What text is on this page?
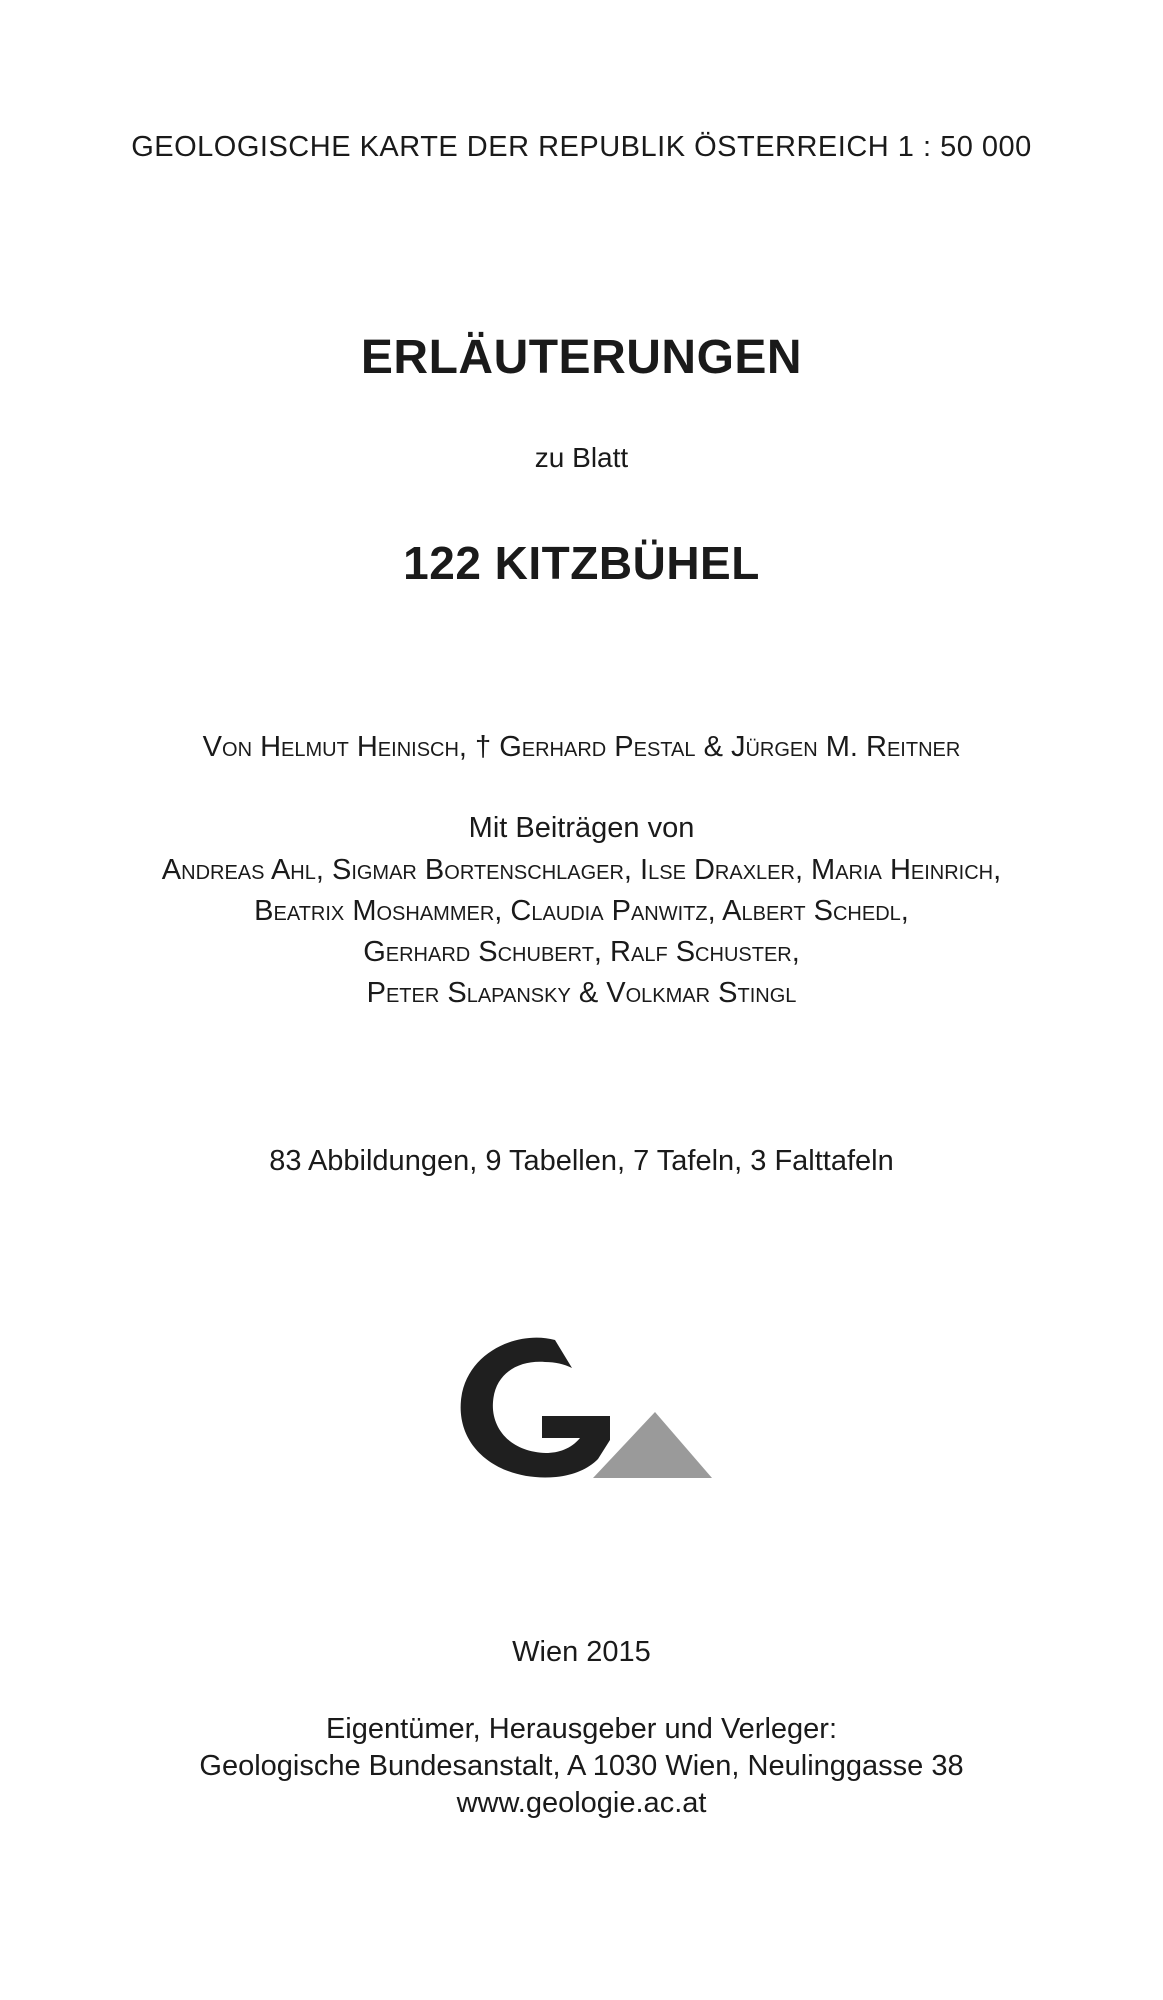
GEOLOGISCHE KARTE DER REPUBLIK ÖSTERREICH 1 : 50 000
ERLÄUTERUNGEN
zu Blatt
122 KITZBÜHEL
Von Helmut Heinisch, † Gerhard Pestal & Jürgen M. Reitner
Mit Beiträgen von
Andreas Ahl, Sigmar Bortenschlager, Ilse Draxler, Maria Heinrich,
Beatrix Moshammer, Claudia Panwitz, Albert Schedl,
Gerhard Schubert, Ralf Schuster,
Peter Slapansky & Volkmar Stingl
83 Abbildungen, 9 Tabellen, 7 Tafeln, 3 Falttafeln
Wien 2015
Eigentümer, Herausgeber und Verleger:
Geologische Bundesanstalt, A 1030 Wien, Neulinggasse 38
www.geologie.ac.at
